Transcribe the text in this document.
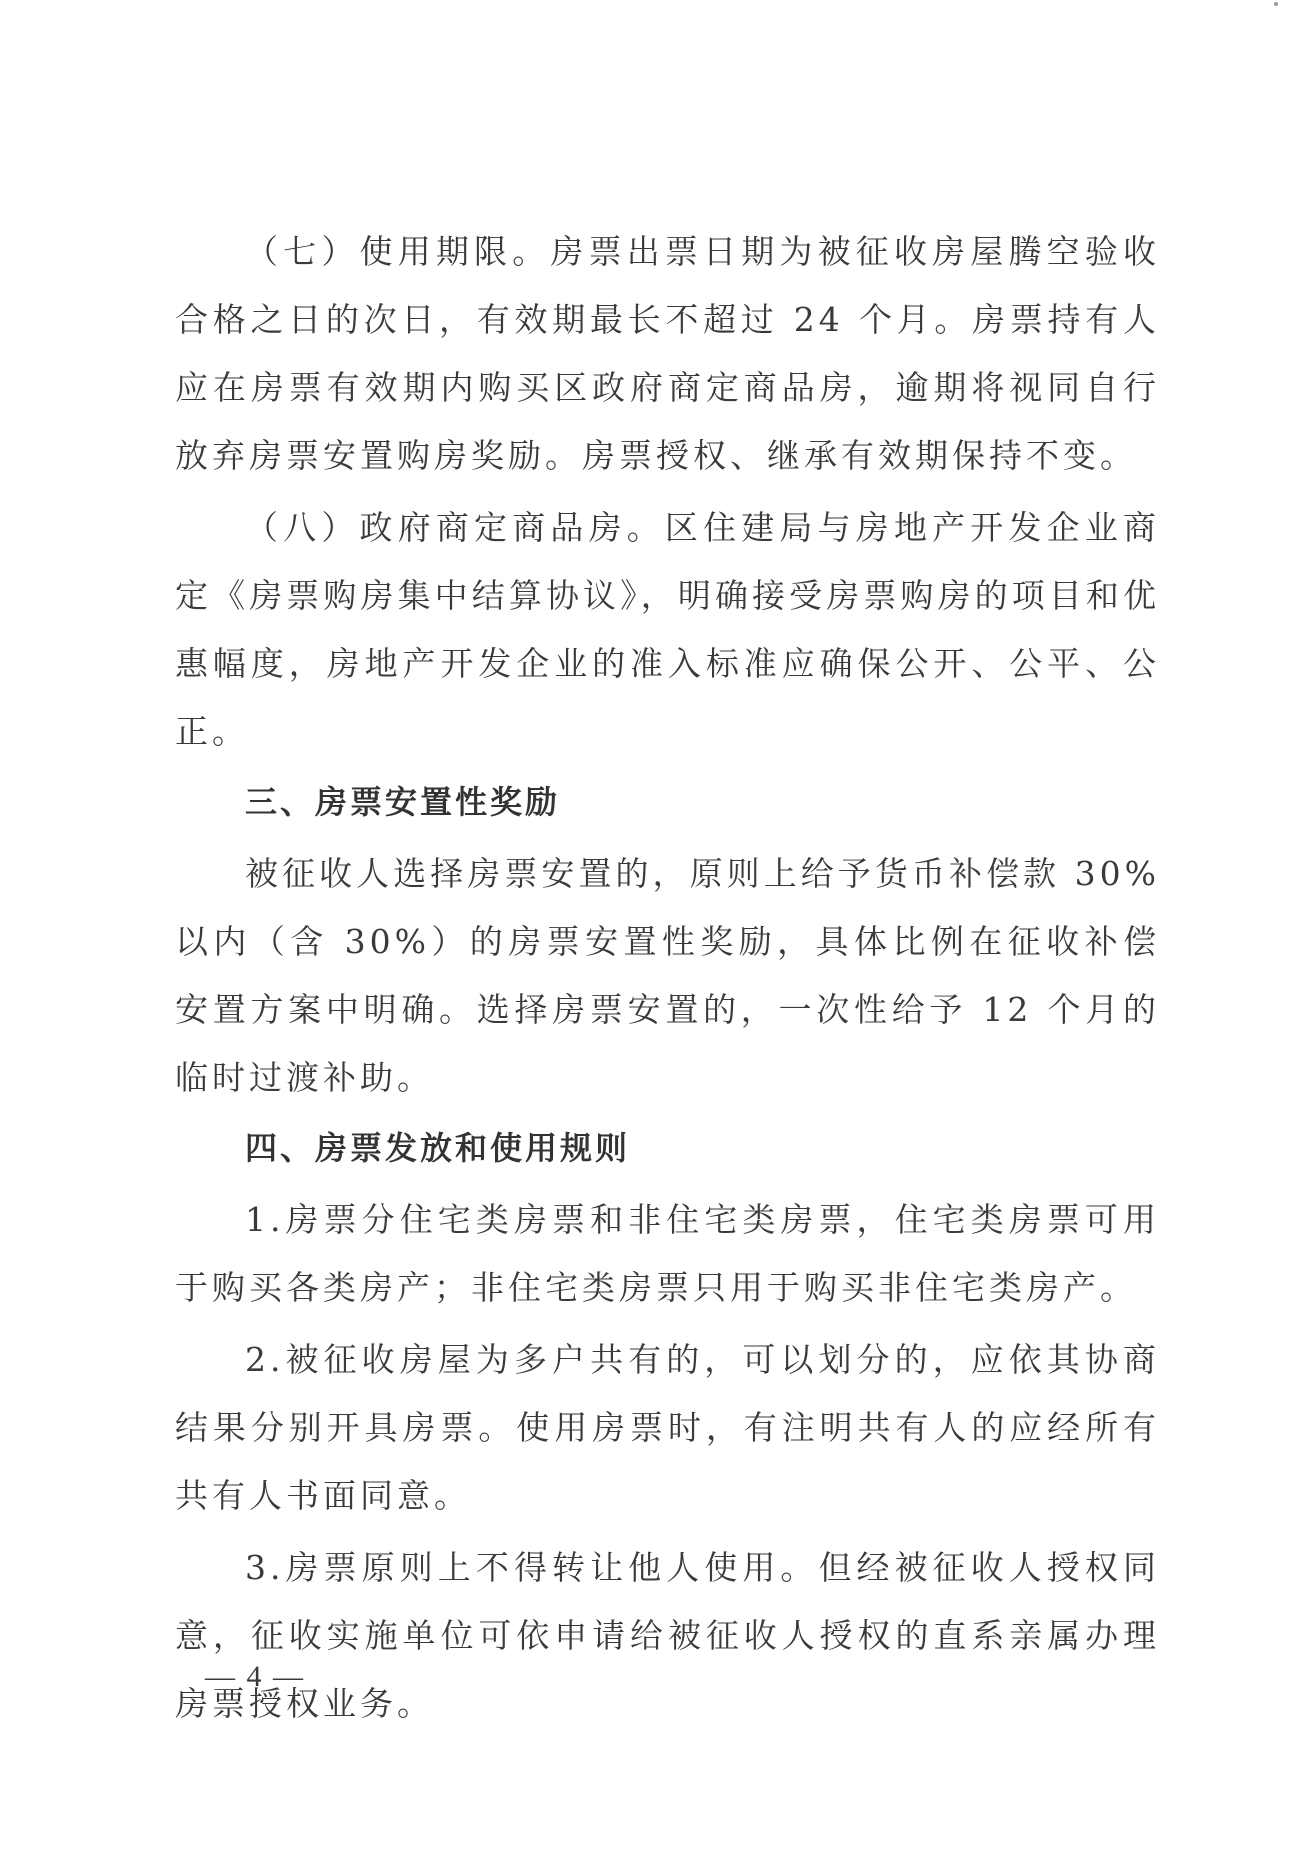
（七）使用期限。房票出票日期为被征收房屋腾空验收合格之日的次日，有效期最长不超过 24 个月。房票持有人应在房票有效期内购买区政府商定商品房，逾期将视同自行放弃房票安置购房奖励。房票授权、继承有效期保持不变。

（八）政府商定商品房。区住建局与房地产开发企业商定《房票购房集中结算协议》，明确接受房票购房的项目和优惠幅度，房地产开发企业的准入标准应确保公开、公平、公正。

三、房票安置性奖励

被征收人选择房票安置的，原则上给予货币补偿款 30%以内（含 30%）的房票安置性奖励，具体比例在征收补偿安置方案中明确。选择房票安置的，一次性给予 12 个月的临时过渡补助。

四、房票发放和使用规则

1.房票分住宅类房票和非住宅类房票，住宅类房票可用于购买各类房产；非住宅类房票只用于购买非住宅类房产。

2.被征收房屋为多户共有的，可以划分的，应依其协商结果分别开具房票。使用房票时，有注明共有人的应经所有共有人书面同意。

3.房票原则上不得转让他人使用。但经被征收人授权同意，征收实施单位可依申请给被征收人授权的直系亲属办理房票授权业务。

— 4 —
